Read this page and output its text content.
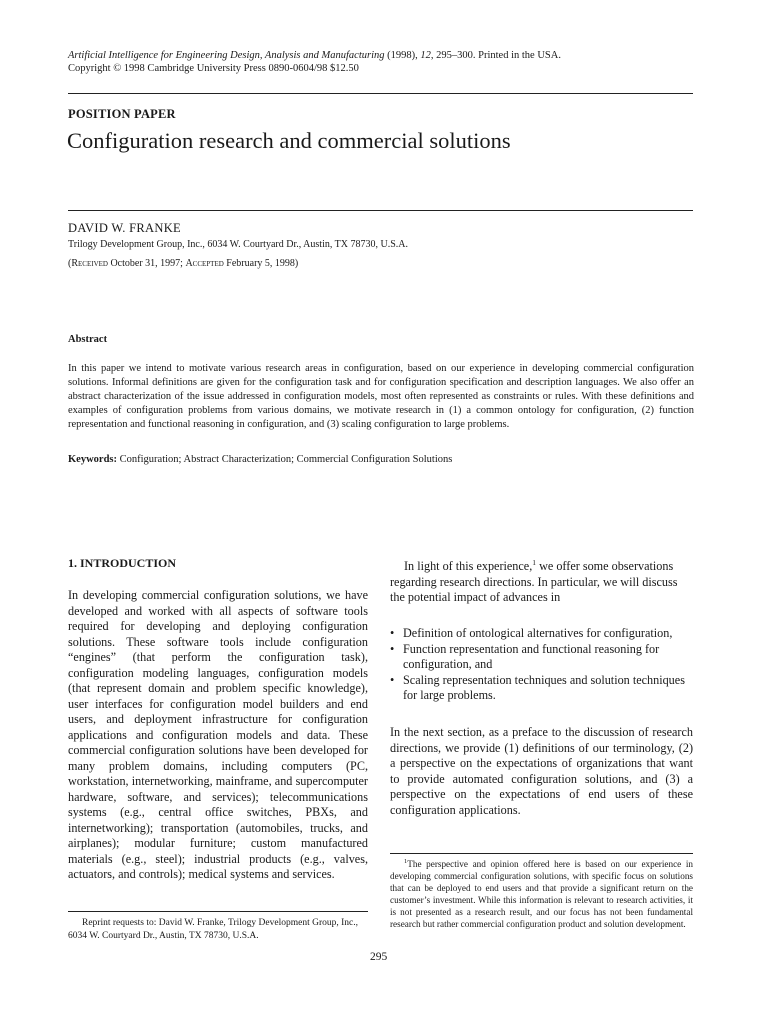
Artificial Intelligence for Engineering Design, Analysis and Manufacturing (1998), 12, 295–300. Printed in the USA.
Copyright © 1998 Cambridge University Press 0890-0604/98 $12.50
POSITION PAPER
Configuration research and commercial solutions
DAVID W. FRANKE
Trilogy Development Group, Inc., 6034 W. Courtyard Dr., Austin, TX 78730, U.S.A.
(Received October 31, 1997; Accepted February 5, 1998)
Abstract
In this paper we intend to motivate various research areas in configuration, based on our experience in developing commercial configuration solutions. Informal definitions are given for the configuration task and for configuration specification and description languages. We also offer an abstract characterization of the issue addressed in configuration models, most often represented as constraints or rules. With these definitions and examples of configuration problems from various domains, we motivate research in (1) a common ontology for configuration, (2) function representation and functional reasoning in configuration, and (3) scaling configuration to large problems.
Keywords: Configuration; Abstract Characterization; Commercial Configuration Solutions
1. INTRODUCTION
In developing commercial configuration solutions, we have developed and worked with all aspects of software tools required for developing and deploying configuration solutions. These software tools include configuration “engines” (that perform the configuration task), configuration modeling languages, configuration models (that represent domain and problem specific knowledge), user interfaces for configuration model builders and end users, and deployment infrastructure for configuration applications and configuration models and data. These commercial configuration solutions have been developed for many problem domains, including computers (PC, workstation, internetworking, mainframe, and supercomputer hardware, software, and services); telecommunications systems (e.g., central office switches, PBXs, and internetworking); transportation (automobiles, trucks, and airplanes); modular furniture; custom manufactured materials (e.g., steel); industrial products (e.g., valves, actuators, and controls); medical systems and services.
In light of this experience,$^1$ we offer some observations regarding research directions. In particular, we will discuss the potential impact of advances in
• Definition of ontological alternatives for configuration,
• Function representation and functional reasoning for configuration, and
• Scaling representation techniques and solution techniques for large problems.
In the next section, as a preface to the discussion of research directions, we provide (1) definitions of our terminology, (2) a perspective on the expectations of organizations that want to provide automated configuration solutions, and (3) a perspective on the expectations of end users of these configuration applications.
$^1$The perspective and opinion offered here is based on our experience in developing commercial configuration solutions, with specific focus on solutions that can be deployed to end users and that provide a significant return on the customer’s investment. While this information is relevant to research activities, it is not presented as a research result, and our focus has not been fundamental research but rather commercial configuration product and solution development.
Reprint requests to: David W. Franke, Trilogy Development Group, Inc., 6034 W. Courtyard Dr., Austin, TX 78730, U.S.A.
295
